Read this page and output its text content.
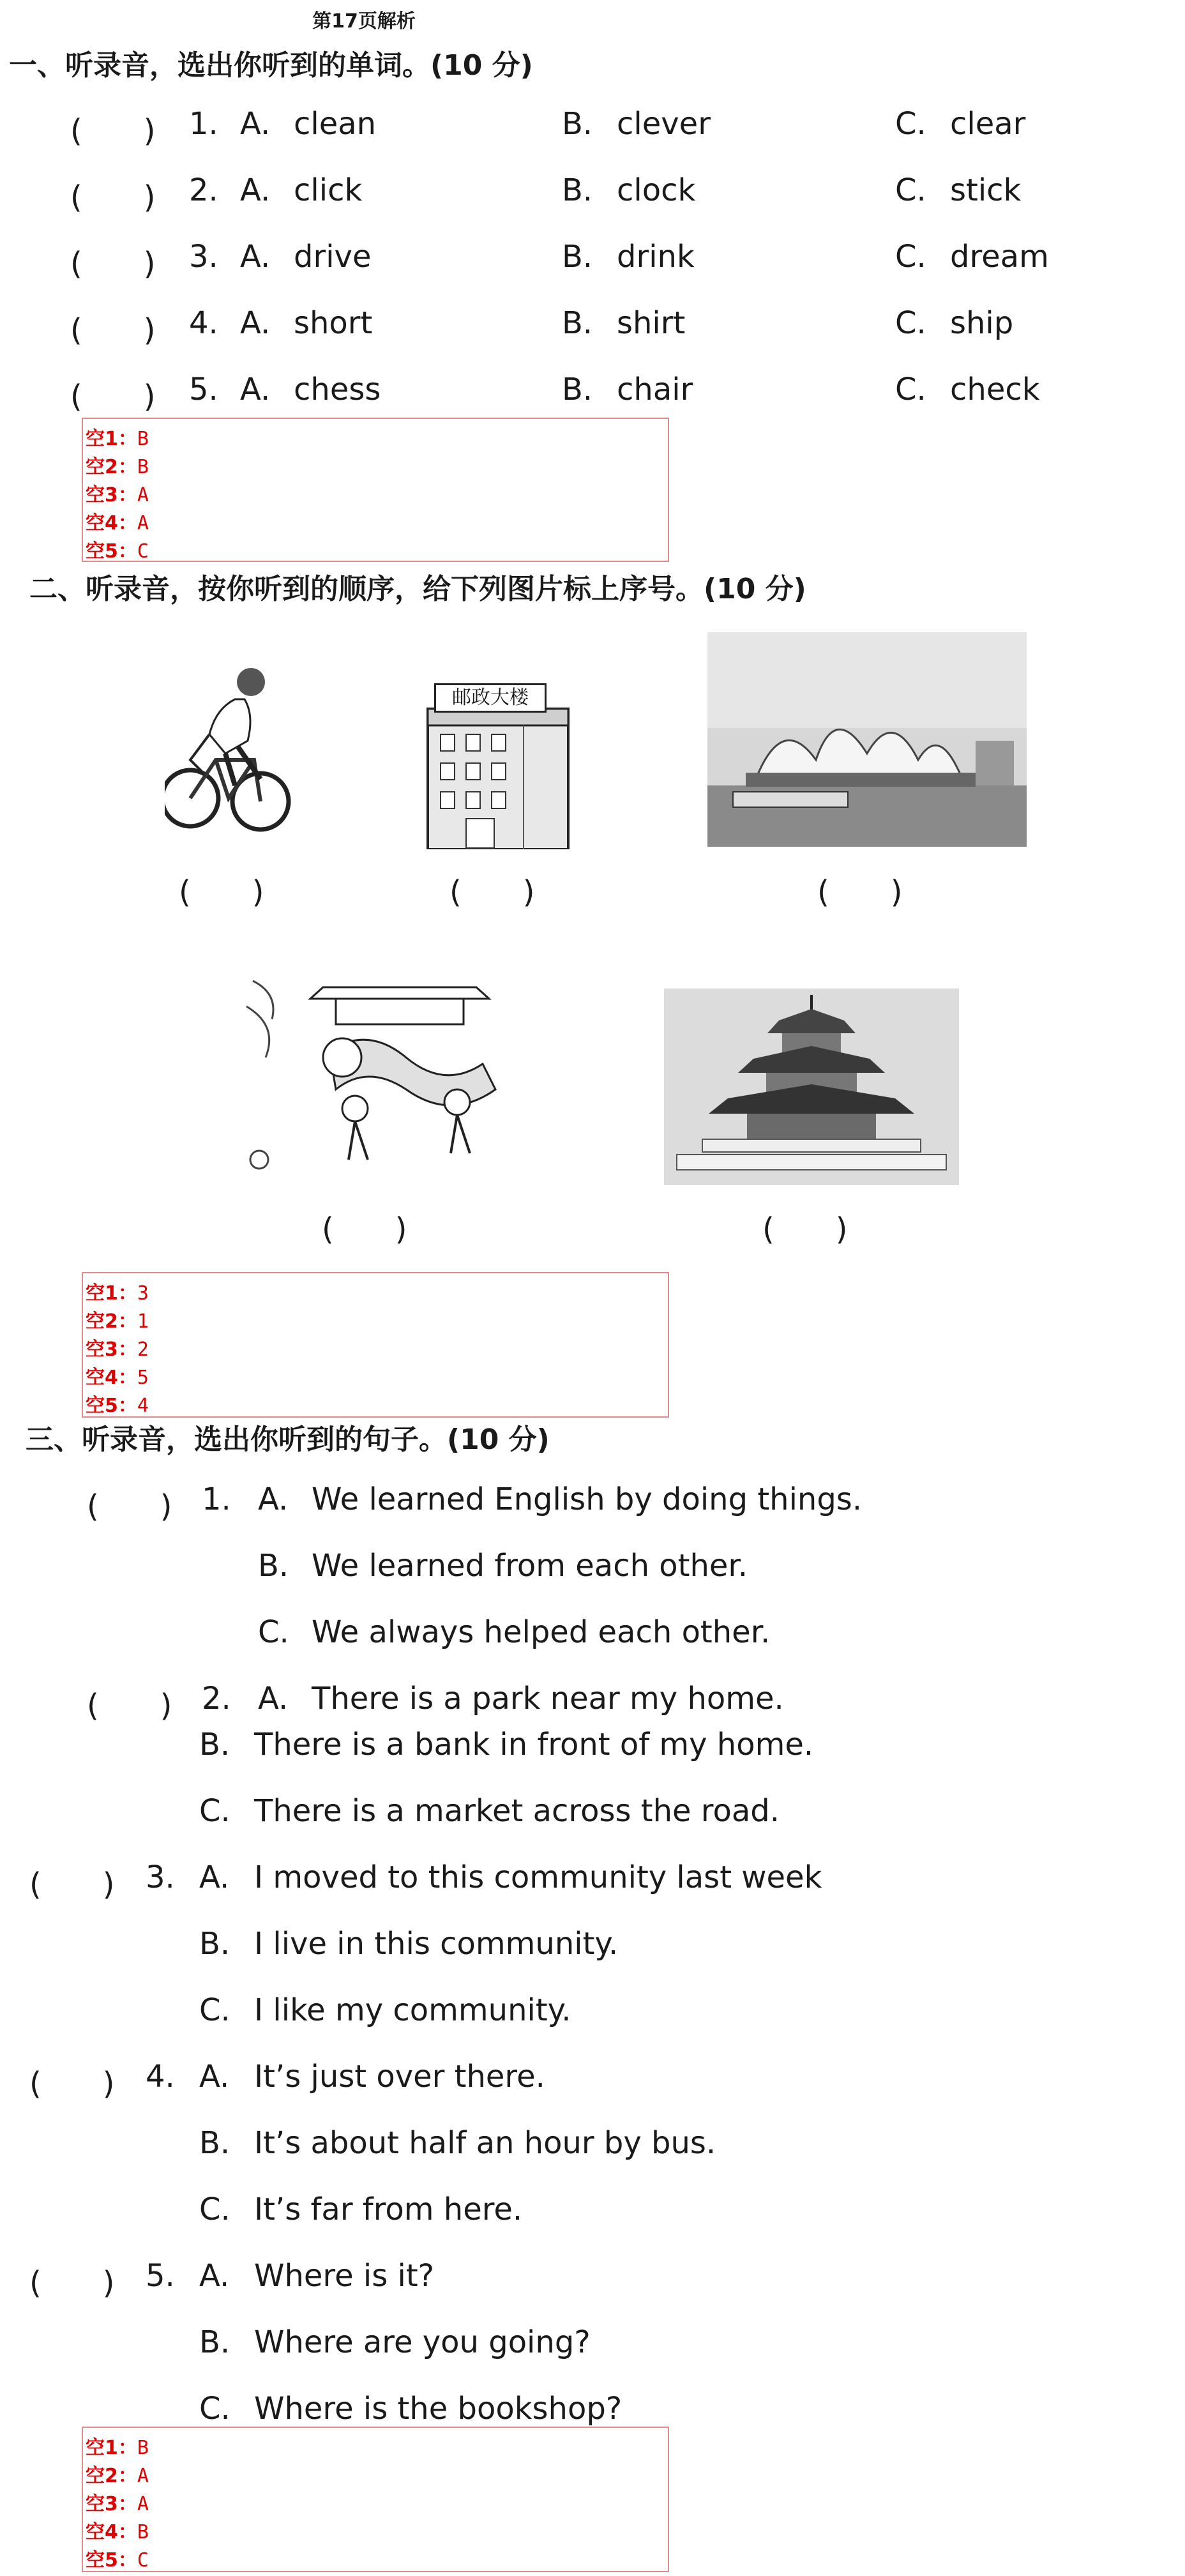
第17页解析
一、听录音，选出你听到的单词。(10 分)
(　　) 1. A. clean	B. clever	C. clear
(　　) 2. A. click	B. clock	C. stick
(　　) 3. A. drive	B. drink	C. dream
(　　) 4. A. short	B. shirt	C. ship
(　　) 5. A. chess	B. chair	C. check
空1：B
空2：B
空3：A
空4：A
空5：C
二、听录音，按你听到的顺序，给下列图片标上序号。(10 分)
(　　)
邮政大楼
(　　)	(　　)
(　　)	(　　)
空1：3
空2：1
空3：2
空4：5
空5：4
三、听录音，选出你听到的句子。(10 分)
(　　) 1. A. We learned English by doing things.
B. We learned from each other.
C. We always helped each other.
(　　) 2. A. There is a park near my home.
B. There is a bank in front of my home.
C. There is a market across the road.
(　　) 3. A. I moved to this community last week
B. I live in this community.
C. I like my community.
(　　) 4. A. It’s just over there.
B. It’s about half an hour by bus.
C. It’s far from here.
(　　) 5. A. Where is it?
B. Where are you going?
C. Where is the bookshop?
空1：B
空2：A
空3：A
空4：B
空5：C
